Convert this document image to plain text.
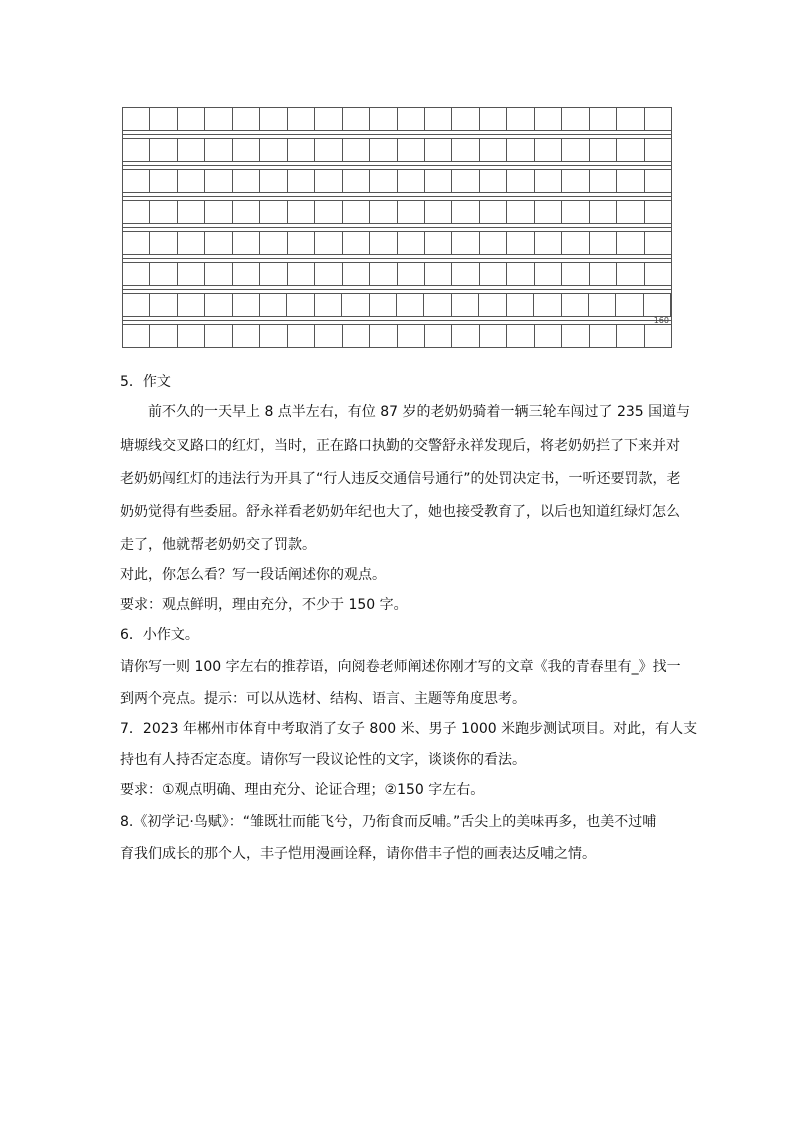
160
5．作文
前不久的一天早上 8 点半左右，有位 87 岁的老奶奶骑着一辆三轮车闯过了 235 国道与
塘塬线交叉路口的红灯，当时，正在路口执勤的交警舒永祥发现后，将老奶奶拦了下来并对
老奶奶闯红灯的违法行为开具了“行人违反交通信号通行”的处罚决定书，一听还要罚款，老
奶奶觉得有些委屈。舒永祥看老奶奶年纪也大了，她也接受教育了，以后也知道红绿灯怎么
走了，他就帮老奶奶交了罚款。
对此，你怎么看？写一段话阐述你的观点。
要求：观点鲜明，理由充分，不少于 150 字。
6．小作文。
请你写一则 100 字左右的推荐语，向阅卷老师阐述你刚才写的文章《我的青春里有_》找一
到两个亮点。提示：可以从选材、结构、语言、主题等角度思考。
7．2023 年郴州市体育中考取消了女子 800 米、男子 1000 米跑步测试项目。对此，有人支
持也有人持否定态度。请你写一段议论性的文字，谈谈你的看法。
要求：①观点明确、理由充分、论证合理；②150 字左右。
8.《初学记·鸟赋》：“雏既壮而能飞兮，乃衔食而反哺。”舌尖上的美味再多，也美不过哺
育我们成长的那个人，丰子恺用漫画诠释，请你借丰子恺的画表达反哺之情。
